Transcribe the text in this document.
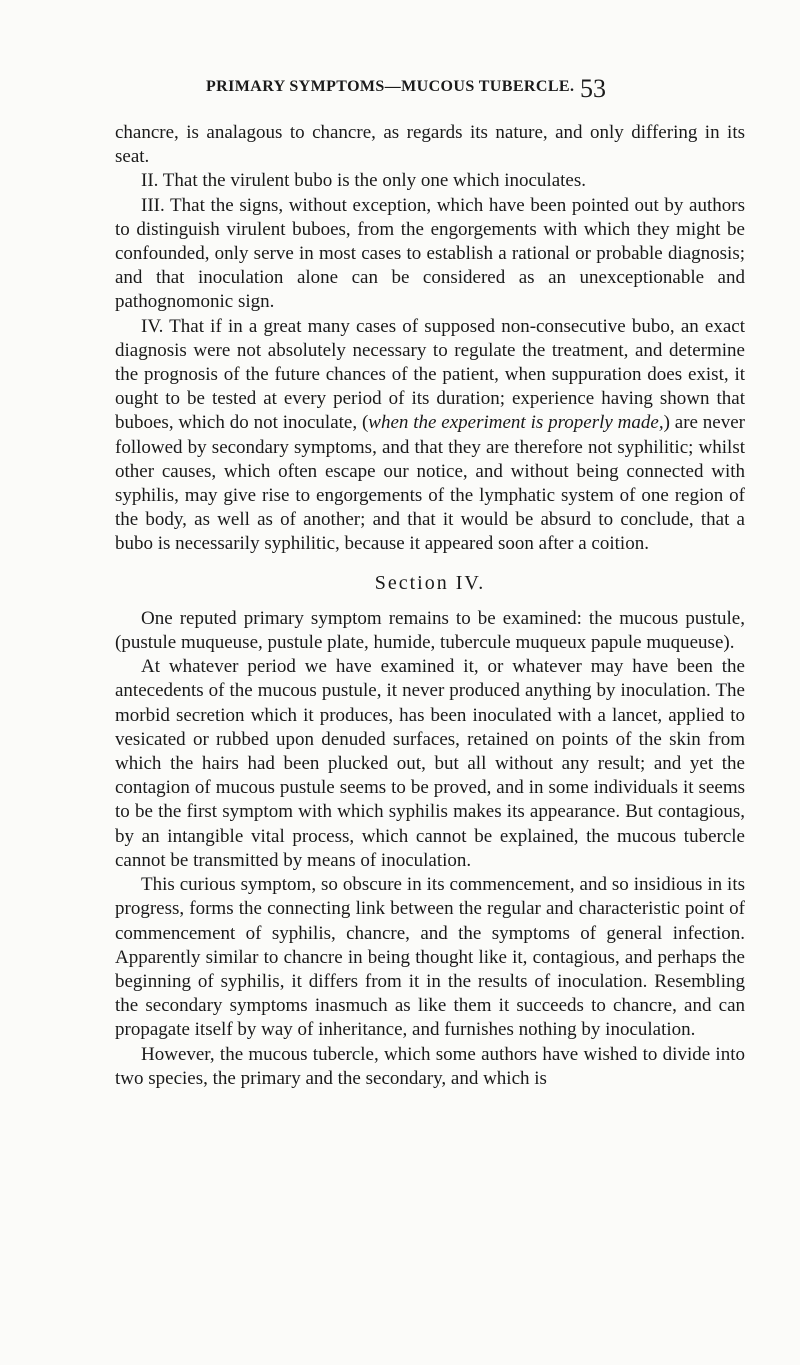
PRIMARY SYMPTOMS—MUCOUS TUBERCLE. 53

chancre, is analagous to chancre, as regards its nature, and only differing in its seat.

II. That the virulent bubo is the only one which inoculates.

III. That the signs, without exception, which have been pointed out by authors to distinguish virulent buboes, from the engorgements with which they might be confounded, only serve in most cases to establish a rational or probable diagnosis; and that inoculation alone can be considered as an unexceptionable and pathognomonic sign.

IV. That if in a great many cases of supposed non-consecutive bubo, an exact diagnosis were not absolutely necessary to regulate the treatment, and determine the prognosis of the future chances of the patient, when suppuration does exist, it ought to be tested at every period of its duration; experience having shown that buboes, which do not inoculate, (when the experiment is properly made,) are never followed by secondary symptoms, and that they are therefore not syphilitic; whilst other causes, which often escape our notice, and without being connected with syphilis, may give rise to engorgements of the lymphatic system of one region of the body, as well as of another; and that it would be absurd to conclude, that a bubo is necessarily syphilitic, because it appeared soon after a coition.

Section IV.

One reputed primary symptom remains to be examined: the mucous pustule, (pustule muqueuse, pustule plate, humide, tubercule muqueux papule muqueuse).

At whatever period we have examined it, or whatever may have been the antecedents of the mucous pustule, it never produced anything by inoculation. The morbid secretion which it produces, has been inoculated with a lancet, applied to vesicated or rubbed upon denuded surfaces, retained on points of the skin from which the hairs had been plucked out, but all without any result; and yet the contagion of mucous pustule seems to be proved, and in some individuals it seems to be the first symptom with which syphilis makes its appearance. But contagious, by an intangible vital process, which cannot be explained, the mucous tubercle cannot be transmitted by means of inoculation.

This curious symptom, so obscure in its commencement, and so insidious in its progress, forms the connecting link between the regular and characteristic point of commencement of syphilis, chancre, and the symptoms of general infection. Apparently similar to chancre in being thought like it, contagious, and perhaps the beginning of syphilis, it differs from it in the results of inoculation. Resembling the secondary symptoms inasmuch as like them it succeeds to chancre, and can propagate itself by way of inheritance, and furnishes nothing by inoculation.

However, the mucous tubercle, which some authors have wished to divide into two species, the primary and the secondary, and which is
